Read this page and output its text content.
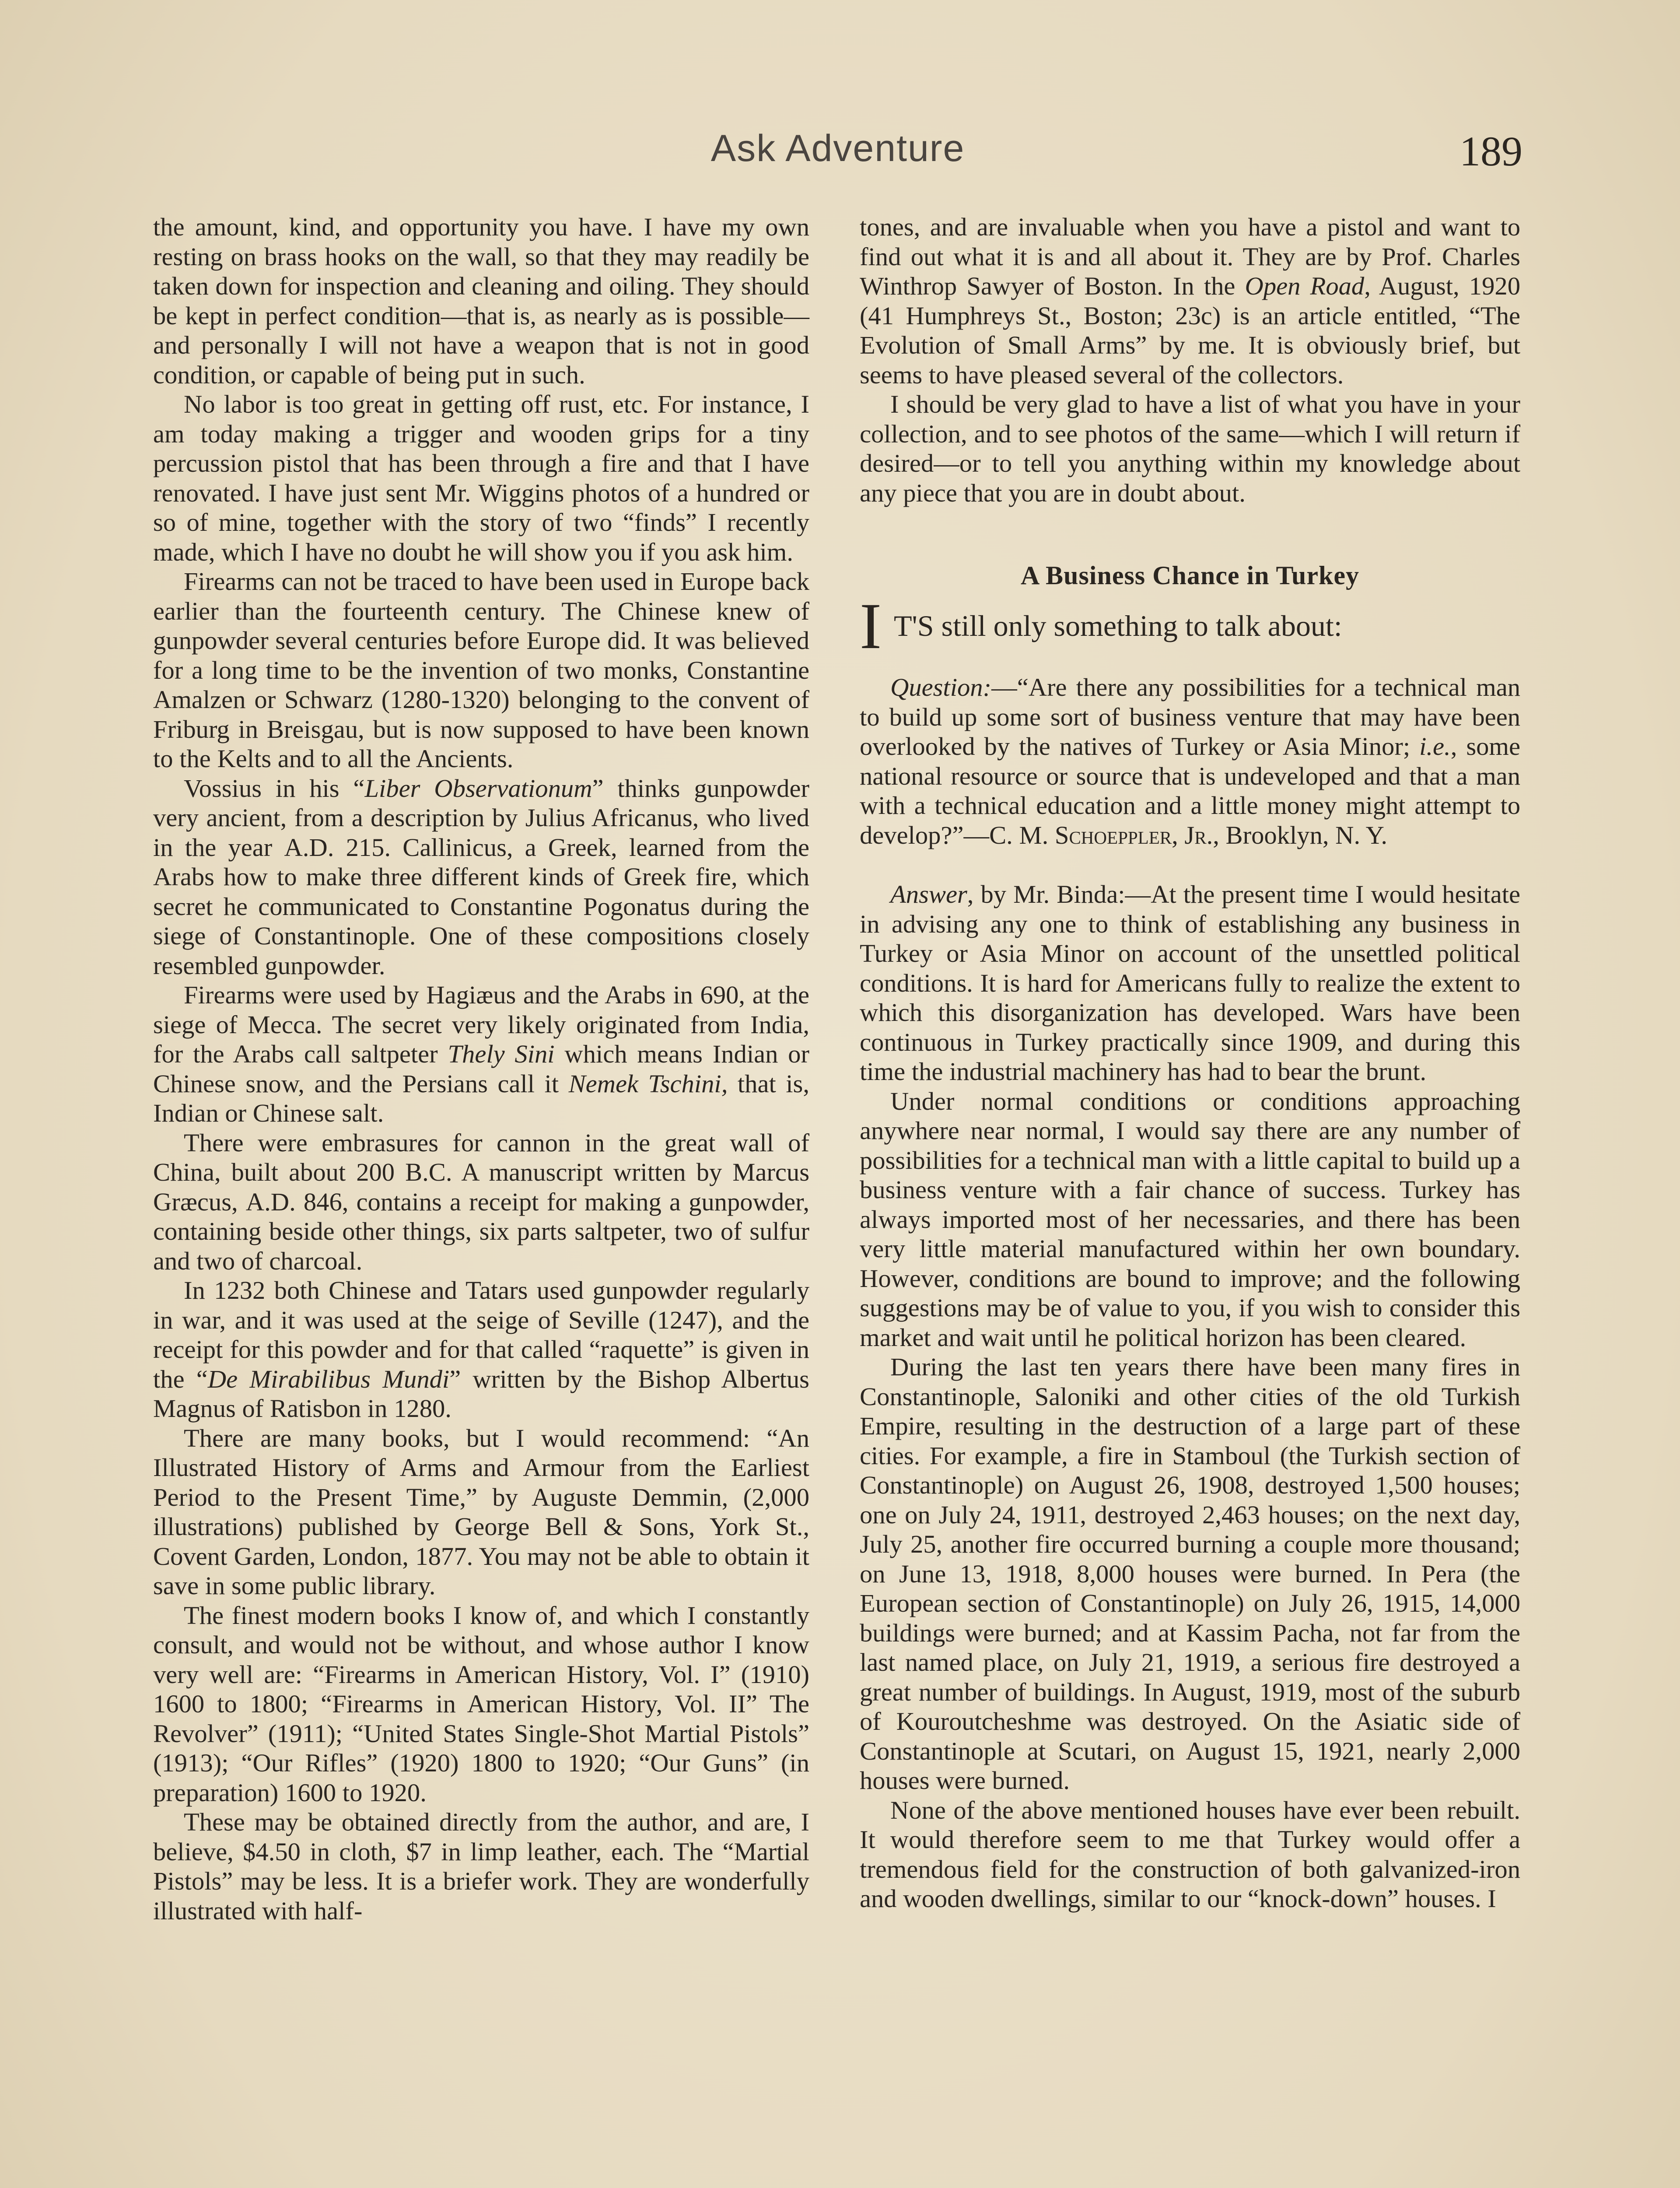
Ask Adventure	189

the amount, kind, and opportunity you have. I have my own resting on brass hooks on the wall, so that they may readily be taken down for inspection and cleaning and oiling. They should be kept in perfect condition—that is, as nearly as is possible—and personally I will not have a weapon that is not in good condition, or capable of being put in such.

No labor is too great in getting off rust, etc. For instance, I am today making a trigger and wooden grips for a tiny percussion pistol that has been through a fire and that I have renovated. I have just sent Mr. Wiggins photos of a hundred or so of mine, together with the story of two “finds” I recently made, which I have no doubt he will show you if you ask him.

Firearms can not be traced to have been used in Europe back earlier than the fourteenth century. The Chinese knew of gunpowder several centuries before Europe did. It was believed for a long time to be the invention of two monks, Constantine Amalzen or Schwarz (1280-1320) belonging to the convent of Friburg in Breisgau, but is now supposed to have been known to the Kelts and to all the Ancients.

Vossius in his “Liber Observationum” thinks gunpowder very ancient, from a description by Julius Africanus, who lived in the year A.D. 215. Callinicus, a Greek, learned from the Arabs how to make three different kinds of Greek fire, which secret he communicated to Constantine Pogonatus during the siege of Constantinople. One of these compositions closely resembled gunpowder.

Firearms were used by Hagiæus and the Arabs in 690, at the siege of Mecca. The secret very likely originated from India, for the Arabs call saltpeter Thely Sini which means Indian or Chinese snow, and the Persians call it Nemek Tschini, that is, Indian or Chinese salt.

There were embrasures for cannon in the great wall of China, built about 200 B.C. A manuscript written by Marcus Græcus, A.D. 846, contains a receipt for making a gunpowder, containing beside other things, six parts saltpeter, two of sulfur and two of charcoal.

In 1232 both Chinese and Tatars used gunpowder regularly in war, and it was used at the seige of Seville (1247), and the receipt for this powder and for that called “raquette” is given in the “De Mirabilibus Mundi” written by the Bishop Albertus Magnus of Ratisbon in 1280.

There are many books, but I would recommend: “An Illustrated History of Arms and Armour from the Earliest Period to the Present Time,” by Auguste Demmin, (2,000 illustrations) published by George Bell & Sons, York St., Covent Garden, London, 1877. You may not be able to obtain it save in some public library.

The finest modern books I know of, and which I constantly consult, and would not be without, and whose author I know very well are: “Firearms in American History, Vol. I” (1910) 1600 to 1800; “Firearms in American History, Vol. II” The Revolver” (1911); “United States Single-Shot Martial Pistols” (1913); “Our Rifles” (1920) 1800 to 1920; “Our Guns” (in preparation) 1600 to 1920.

These may be obtained directly from the author, and are, I believe, $4.50 in cloth, $7 in limp leather, each. The “Martial Pistols” may be less. It is a briefer work. They are wonderfully illustrated with half-

tones, and are invaluable when you have a pistol and want to find out what it is and all about it. They are by Prof. Charles Winthrop Sawyer of Boston. In the Open Road, August, 1920 (41 Humphreys St., Boston; 23c) is an article entitled, “The Evolution of Small Arms” by me. It is obviously brief, but seems to have pleased several of the collectors.

I should be very glad to have a list of what you have in your collection, and to see photos of the same—which I will return if desired—or to tell you anything within my knowledge about any piece that you are in doubt about.

A Business Chance in Turkey
I T'S still only something to talk about:

Question:—“Are there any possibilities for a technical man to build up some sort of business venture that may have been overlooked by the natives of Turkey or Asia Minor; i.e., some national resource or source that is undeveloped and that a man with a technical education and a little money might attempt to develop?”—C. M. Schoeppler, Jr., Brooklyn, N. Y.

Answer, by Mr. Binda:—At the present time I would hesitate in advising any one to think of establishing any business in Turkey or Asia Minor on account of the unsettled political conditions. It is hard for Americans fully to realize the extent to which this disorganization has developed. Wars have been continuous in Turkey practically since 1909, and during this time the industrial machinery has had to bear the brunt.

Under normal conditions or conditions approaching anywhere near normal, I would say there are any number of possibilities for a technical man with a little capital to build up a business venture with a fair chance of success. Turkey has always imported most of her necessaries, and there has been very little material manufactured within her own boundary. However, conditions are bound to improve; and the following suggestions may be of value to you, if you wish to consider this market and wait until he political horizon has been cleared.

During the last ten years there have been many fires in Constantinople, Saloniki and other cities of the old Turkish Empire, resulting in the destruction of a large part of these cities. For example, a fire in Stamboul (the Turkish section of Constantinople) on August 26, 1908, destroyed 1,500 houses; one on July 24, 1911, destroyed 2,463 houses; on the next day, July 25, another fire occurred burning a couple more thousand; on June 13, 1918, 8,000 houses were burned. In Pera (the European section of Constantinople) on July 26, 1915, 14,000 buildings were burned; and at Kassim Pacha, not far from the last named place, on July 21, 1919, a serious fire destroyed a great number of buildings. In August, 1919, most of the suburb of Kouroutcheshme was destroyed. On the Asiatic side of Constantinople at Scutari, on August 15, 1921, nearly 2,000 houses were burned.

None of the above mentioned houses have ever been rebuilt. It would therefore seem to me that Turkey would offer a tremendous field for the construction of both galvanized-iron and wooden dwellings, similar to our “knock-down” houses. I
